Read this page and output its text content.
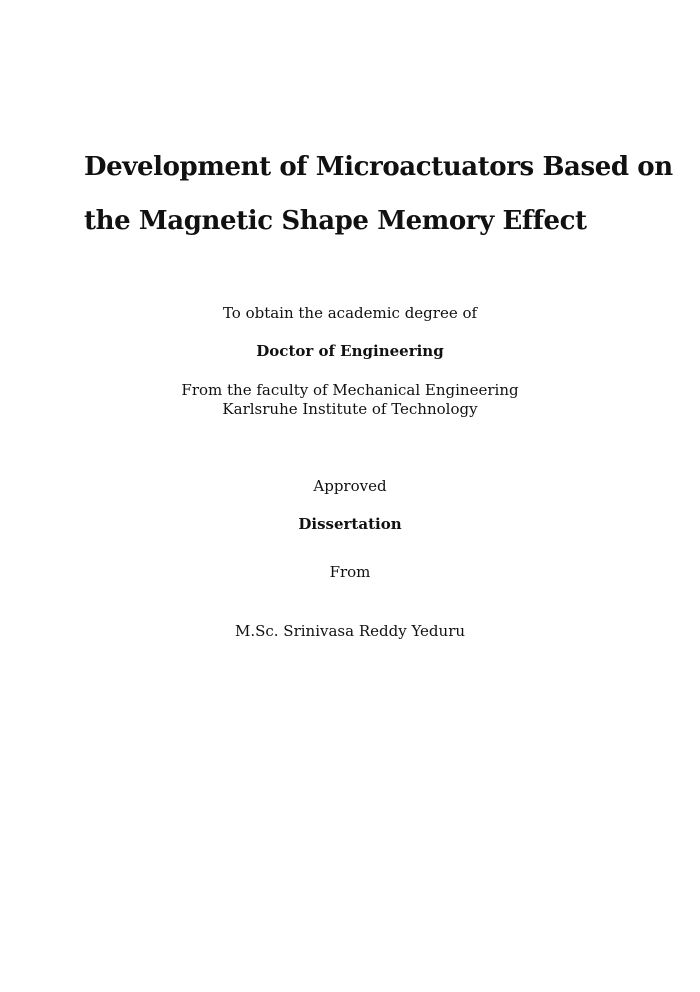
Development of Microactuators Based on
the Magnetic Shape Memory Effect
To obtain the academic degree of
Doctor of Engineering
From the faculty of Mechanical Engineering
Karlsruhe Institute of Technology
Approved
Dissertation
From
M.Sc. Srinivasa Reddy Yeduru
